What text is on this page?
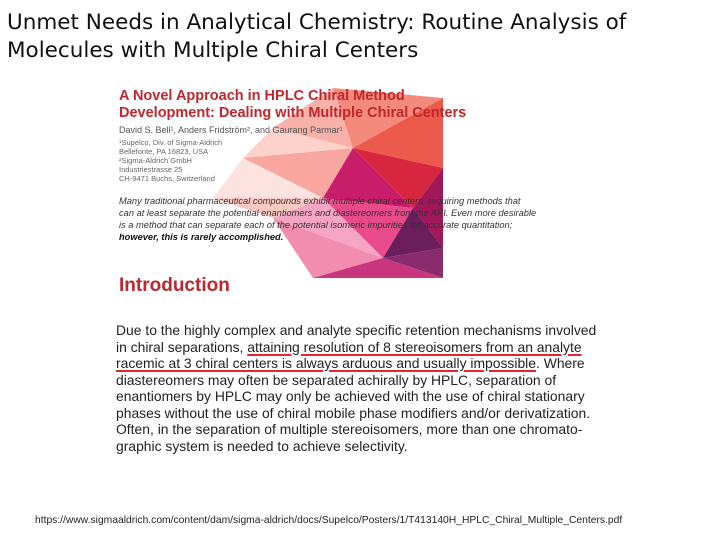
Unmet Needs in Analytical Chemistry: Routine Analysis of
Molecules with Multiple Chiral Centers
A Novel Approach in HPLC Chiral Method
Development: Dealing with Multiple Chiral Centers
David S. Bell¹, Anders Fridström², and Gaurang Parmar¹
¹Supelco, Div. of Sigma-Aldrich
Bellefonte, PA 16823, USA
²Sigma-Aldrich GmbH
Industriestrasse 25
CH-9471 Buchs, Switzerland
Many traditional pharmaceutical compounds exhibit multiple chiral centers, requiring methods that
can at least separate the potential enantiomers and diastereomers from the API. Even more desirable
is a method that can separate each of the potential isomeric impurities for accurate quantitation;
however, this is rarely accomplished.
Introduction
Due to the highly complex and analyte specific retention mechanisms involved
in chiral separations, attaining resolution of 8 stereoisomers from an analyte
racemic at 3 chiral centers is always arduous and usually impossible. Where
diastereomers may often be separated achirally by HPLC, separation of
enantiomers by HPLC may only be achieved with the use of chiral stationary
phases without the use of chiral mobile phase modifiers and/or derivatization.
Often, in the separation of multiple stereoisomers, more than one chromato-
graphic system is needed to achieve selectivity.
https://www.sigmaaldrich.com/content/dam/sigma-aldrich/docs/Supelco/Posters/1/T413140H_HPLC_Chiral_Multiple_Centers.pdf
